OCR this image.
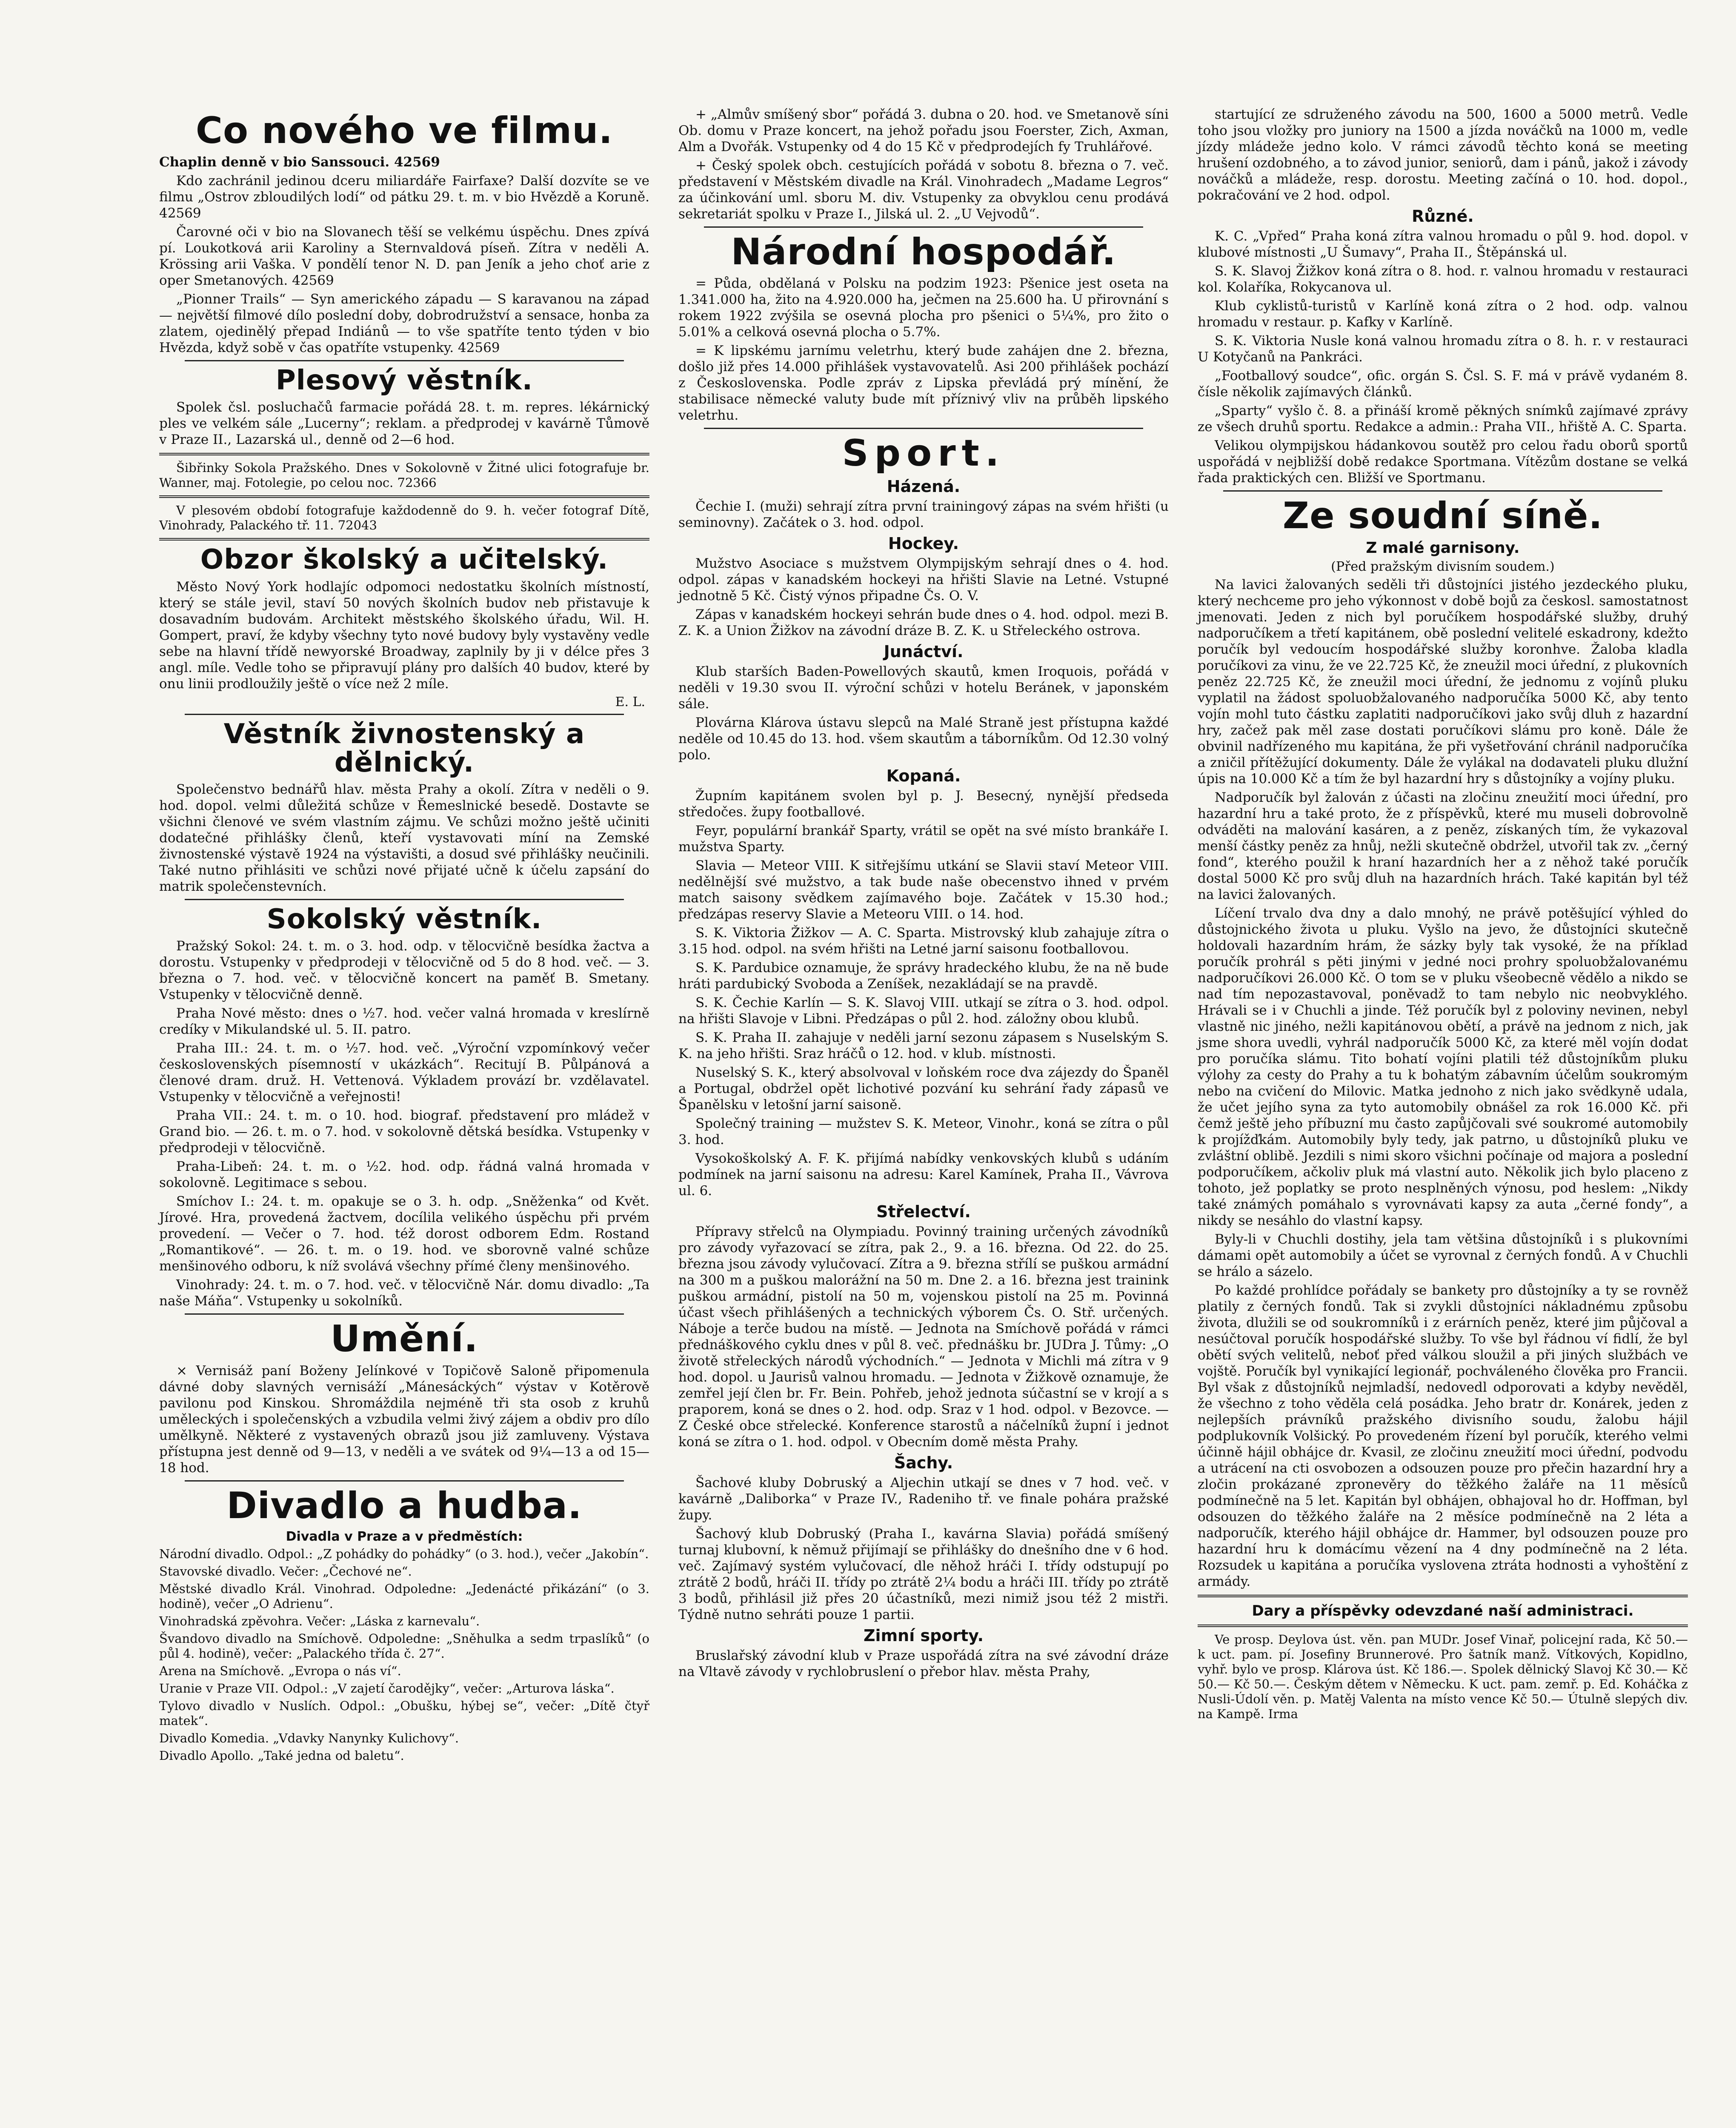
Co nového ve filmu.

Chaplin denně v bio Sanssouci. 42569

Kdo zachránil jedinou dceru miliardáře Fairfaxe? Další dozvíte se ve filmu „Ostrov zbloudilých lodí“ od pátku 29. t. m. v bio Hvězdě a Koruně. 42569

Čarovné oči v bio na Slovanech těší se velkému úspěchu. Dnes zpívá pí. Loukotková arii Karoliny a Sternvaldová píseň. Zítra v neděli A. Krössing arii Vaška. V pondělí tenor N. D. pan Jeník a jeho choť arie z oper Smetanových. 42569

„Pionner Trails“ — Syn amerického západu — S karavanou na západ — největší filmové dílo poslední doby, dobrodružství a sensace, honba za zlatem, ojedinělý přepad Indiánů — to vše spatříte tento týden v bio Hvězda, když sobě v čas opatříte vstupenky. 42569

Plesový věstník.

Spolek čsl. posluchačů farmacie pořádá 28. t. m. repres. lékárnický ples ve velkém sále „Lucerny“; reklam. a předprodej v kavárně Tůmově v Praze II., Lazarská ul., denně od 2—6 hod.

Šibřinky Sokola Pražského. Dnes v Sokolovně v Žitné ulici fotografuje br. Wanner, maj. Fotolegie, po celou noc. 72366

V plesovém období fotografuje každodenně do 9. h. večer fotograf Dítě, Vinohrady, Palackého tř. 11. 72043

Obzor školský a učitelský.

Město Nový York hodlajíc odpomoci nedostatku školních místností, který se stále jevil, staví 50 nových školních budov neb přistavuje k dosavadním budovám. Architekt městského školského úřadu, Wil. H. Gompert, praví, že kdyby všechny tyto nové budovy byly vystavěny vedle sebe na hlavní třídě newyorské Broadway, zaplnily by ji v délce přes 3 angl. míle. Vedle toho se připravují plány pro dalších 40 budov, které by onu linii prodloužily ještě o více než 2 míle.

E. L.
Věstník živnostenský a dělnický.

Společenstvo bednářů hlav. města Prahy a okolí. Zítra v neděli o 9. hod. dopol. velmi důležitá schůze v Řemeslnické besedě. Dostavte se všichni členové ve svém vlastním zájmu. Ve schůzi možno ještě učiniti dodatečné přihlášky členů, kteří vystavovati míní na Zemské živnostenské výstavě 1924 na výstavišti, a dosud své přihlášky neučinili. Také nutno přihlásiti ve schůzi nové přijaté učně k účelu zapsání do matrik společenstevních.

Sokolský věstník.

Pražský Sokol: 24. t. m. o 3. hod. odp. v tělocvičně besídka žactva a dorostu. Vstupenky v předprodeji v tělocvičně od 5 do 8 hod. več. — 3. března o 7. hod. več. v tělocvičně koncert na paměť B. Smetany. Vstupenky v tělocvičně denně.

Praha Nové město: dnes o ½7. hod. večer valná hromada v kreslírně credíky v Mikulandské ul. 5. II. patro.

Praha III.: 24. t. m. o ½7. hod. več. „Výroční vzpomínkový večer československých písemností v ukázkách“. Recitují B. Půlpánová a členové dram. druž. H. Vettenová. Výkladem provází br. vzdělavatel. Vstupenky v tělocvičně a veřejnosti!

Praha VII.: 24. t. m. o 10. hod. biograf. představení pro mládež v Grand bio. — 26. t. m. o 7. hod. v sokolovně dětská besídka. Vstupenky v předprodeji v tělocvičně.

Praha-Libeň: 24. t. m. o ½2. hod. odp. řádná valná hromada v sokolovně. Legitimace s sebou.

Smíchov I.: 24. t. m. opakuje se o 3. h. odp. „Sněženka“ od Květ. Jírové. Hra, provedená žactvem, docílila velikého úspěchu při prvém provedení. — Večer o 7. hod. též dorost odborem Edm. Rostand „Romantikové“. — 26. t. m. o 19. hod. ve sborovně valné schůze menšinového odboru, k níž svolává všechny přímé členy menšinového.

Vinohrady: 24. t. m. o 7. hod. več. v tělocvičně Nár. domu divadlo: „Ta naše Máňa“. Vstupenky u sokolníků.

Umění.

× Vernisáž paní Boženy Jelínkové v Topičově Saloně připomenula dávné doby slavných vernisáží „Mánesáckých“ výstav v Kotěrově pavilonu pod Kinskou. Shromáždila nejméně tři sta osob z kruhů uměleckých i společenských a vzbudila velmi živý zájem a obdiv pro dílo umělkyně. Některé z vystavených obrazů jsou již zamluveny. Výstava přístupna jest denně od 9—13, v neděli a ve svátek od 9¼—13 a od 15—18 hod.

Divadlo a hudba.
Divadla v Praze a v předměstích:

Národní divadlo. Odpol.: „Z pohádky do pohádky“ (o 3. hod.), večer „Jakobín“.

Stavovské divadlo. Večer: „Čechové ne“.

Městské divadlo Král. Vinohrad. Odpoledne: „Jedenácté přikázání“ (o 3. hodině), večer „O Adrienu“.

Vinohradská zpěvohra. Večer: „Láska z karnevalu“.

Švandovo divadlo na Smíchově. Odpoledne: „Sněhulka a sedm trpaslíků“ (o půl 4. hodině), večer: „Palackého třída č. 27“.

Arena na Smíchově. „Evropa o nás ví“.

Uranie v Praze VII. Odpol.: „V zajetí čarodějky“, večer: „Arturova láska“.

Tylovo divadlo v Nuslích. Odpol.: „Obušku, hýbej se“, večer: „Dítě čtyř matek“.

Divadlo Komedia. „Vdavky Nanynky Kulichovy“.

Divadlo Apollo. „Také jedna od baletu“.

+ „Almův smíšený sbor“ pořádá 3. dubna o 20. hod. ve Smetanově síni Ob. domu v Praze koncert, na jehož pořadu jsou Foerster, Zich, Axman, Alm a Dvořák. Vstupenky od 4 do 15 Kč v předprodejích fy Truhlářové.

+ Český spolek obch. cestujících pořádá v sobotu 8. března o 7. več. představení v Městském divadle na Král. Vinohradech „Madame Legros“ za účinkování uml. sboru M. div. Vstupenky za obvyklou cenu prodává sekretariát spolku v Praze I., Jilská ul. 2. „U Vejvodů“.

Národní hospodář.

= Půda, obdělaná v Polsku na podzim 1923: Pšenice jest oseta na 1.341.000 ha, žito na 4.920.000 ha, ječmen na 25.600 ha. U přirovnání s rokem 1922 zvýšila se osevná plocha pro pšenici o 5¼%, pro žito o 5.01% a celková osevná plocha o 5.7%.

= K lipskému jarnímu veletrhu, který bude zahájen dne 2. března, došlo již přes 14.000 přihlášek vystavovatelů. Asi 200 přihlášek pochází z Československa. Podle zpráv z Lipska převládá prý mínění, že stabilisace německé valuty bude mít příznivý vliv na průběh lipského veletrhu.

Sport.
Házená.

Čechie I. (muži) sehrají zítra první trainingový zápas na svém hřišti (u seminovny). Začátek o 3. hod. odpol.

Hockey.

Mužstvo Asociace s mužstvem Olympijským sehrají dnes o 4. hod. odpol. zápas v kanadském hockeyi na hřišti Slavie na Letné. Vstupné jednotně 5 Kč. Čistý výnos připadne Čs. O. V.

Zápas v kanadském hockeyi sehrán bude dnes o 4. hod. odpol. mezi B. Z. K. a Union Žižkov na závodní dráze B. Z. K. u Střeleckého ostrova.

Junáctví.

Klub starších Baden-Powellových skautů, kmen Iroquois, pořádá v neděli v 19.30 svou II. výroční schůzi v hotelu Beránek, v japonském sále.

Plovárna Klárova ústavu slepců na Malé Straně jest přístupna každé neděle od 10.45 do 13. hod. všem skautům a táborníkům. Od 12.30 volný polo.

Kopaná.

Župním kapitánem svolen byl p. J. Besecný, nynější předseda středočes. župy footballové.

Feyr, populární brankář Sparty, vrátil se opět na své místo brankáře I. mužstva Sparty.

Slavia — Meteor VIII. K sitřejšímu utkání se Slavii staví Meteor VIII. nedělnější své mužstvo, a tak bude naše obecenstvo ihned v prvém match saisony svědkem zajímavého boje. Začátek v 15.30 hod.; předzápas reservy Slavie a Meteoru VIII. o 14. hod.

S. K. Viktoria Žižkov — A. C. Sparta. Mistrovský klub zahajuje zítra o 3.15 hod. odpol. na svém hřišti na Letné jarní saisonu footballovou.

S. K. Pardubice oznamuje, že správy hradeckého klubu, že na ně bude hráti pardubický Svoboda a Zeníšek, nezakládají se na pravdě.

S. K. Čechie Karlín — S. K. Slavoj VIII. utkají se zítra o 3. hod. odpol. na hřišti Slavoje v Libni. Předzápas o půl 2. hod. záložny obou klubů.

S. K. Praha II. zahajuje v neděli jarní sezonu zápasem s Nuselským S. K. na jeho hřišti. Sraz hráčů o 12. hod. v klub. místnosti.

Nuselský S. K., který absolvoval v loňském roce dva zájezdy do Španěl a Portugal, obdržel opět lichotivé pozvání ku sehrání řady zápasů ve Španělsku v letošní jarní saisoně.

Společný training — mužstev S. K. Meteor, Vinohr., koná se zítra o půl 3. hod.

Vysokoškolský A. F. K. přijímá nabídky venkovských klubů s udáním podmínek na jarní saisonu na adresu: Karel Kamínek, Praha II., Vávrova ul. 6.

Střelectví.

Přípravy střelců na Olympiadu. Povinný training určených závodníků pro závody vyřazovací se zítra, pak 2., 9. a 16. března. Od 22. do 25. března jsou závody vylučovací. Zítra a 9. března střílí se puškou armádní na 300 m a puškou malorážní na 50 m. Dne 2. a 16. března jest trainink puškou armádní, pistolí na 50 m, vojenskou pistolí na 25 m. Povinná účast všech přihlášených a technických výborem Čs. O. Stř. určených. Náboje a terče budou na místě. — Jednota na Smíchově pořádá v rámci přednáškového cyklu dnes v půl 8. več. přednášku br. JUDra J. Tůmy: „O životě střeleckých národů východních.“ — Jednota v Michli má zítra v 9 hod. dopol. u Jaurisů valnou hromadu. — Jednota v Žižkově oznamuje, že zemřel její člen br. Fr. Bein. Pohřeb, jehož jednota súčastní se v krojí a s praporem, koná se dnes o 2. hod. odp. Sraz v 1 hod. odpol. v Bezovce. — Z České obce střelecké. Konference starostů a náčelníků župní i jednot koná se zítra o 1. hod. odpol. v Obecním domě města Prahy.

Šachy.

Šachové kluby Dobruský a Aljechin utkají se dnes v 7 hod. več. v kavárně „Daliborka“ v Praze IV., Radeniho tř. ve finale pohára pražské župy.

Šachový klub Dobruský (Praha I., kavárna Slavia) pořádá smíšený turnaj klubovní, k němuž přijímají se přihlášky do dnešního dne v 6 hod. več. Zajímavý systém vylučovací, dle něhož hráči I. třídy odstupují po ztrátě 2 bodů, hráči II. třídy po ztrátě 2¼ bodu a hráči III. třídy po ztrátě 3 bodů, přihlásil již přes 20 účastníků, mezi nimiž jsou též 2 mistři. Týdně nutno sehráti pouze 1 partii.

Zimní sporty.

Bruslařský závodní klub v Praze uspořádá zítra na své závodní dráze na Vltavě závody v rychlobruslení o přebor hlav. města Prahy,

startující ze sdruženého závodu na 500, 1600 a 5000 metrů. Vedle toho jsou vložky pro juniory na 1500 a jízda nováčků na 1000 m, vedle jízdy mládeže jedno kolo. V rámci závodů těchto koná se meeting hrušení ozdobného, a to závod junior, seniorů, dam i pánů, jakož i závody nováčků a mládeže, resp. dorostu. Meeting začíná o 10. hod. dopol., pokračování ve 2 hod. odpol.

Různé.

K. C. „Vpřed“ Praha koná zítra valnou hromadu o půl 9. hod. dopol. v klubové místnosti „U Šumavy“, Praha II., Štěpánská ul.

S. K. Slavoj Žižkov koná zítra o 8. hod. r. valnou hromadu v restauraci kol. Kolaříka, Rokycanova ul.

Klub cyklistů-turistů v Karlíně koná zítra o 2 hod. odp. valnou hromadu v restaur. p. Kafky v Karlíně.

S. K. Viktoria Nusle koná valnou hromadu zítra o 8. h. r. v restauraci U Kotyčanů na Pankráci.

„Footballový soudce“, ofic. orgán S. Čsl. S. F. má v právě vydaném 8. čísle několik zajímavých článků.

„Sparty“ vyšlo č. 8. a přináší kromě pěkných snímků zajímavé zprávy ze všech druhů sportu. Redakce a admin.: Praha VII., hřiště A. C. Sparta.

Velikou olympijskou hádankovou soutěž pro celou řadu oborů sportů uspořádá v nejbližší době redakce Sportmana. Vítězům dostane se velká řada praktických cen. Bližší ve Sportmanu.

Ze soudní síně.
Z malé garnisony.
(Před pražským divisním soudem.)

Na lavici žalovaných seděli tři důstojníci jistého jezdeckého pluku, který nechceme pro jeho výkonnost v době bojů za českosl. samostatnost jmenovati. Jeden z nich byl poručíkem hospodářské služby, druhý nadporučíkem a třetí kapitánem, obě poslední velitelé eskadrony, kdežto poručík byl vedoucím hospodářské služby koronhve. Žaloba kladla poručíkovi za vinu, že ve 22.725 Kč, že zneužil moci úřední, z plukovních peněz 22.725 Kč, že zneužil moci úřední, že jednomu z vojínů pluku vyplatil na žádost spoluobžalovaného nadporučíka 5000 Kč, aby tento vojín mohl tuto částku zaplatiti nadporučíkovi jako svůj dluh z hazardní hry, začež pak měl zase dostati poručíkovi slámu pro koně. Dále že obvinil nadřízeného mu kapitána, že při vyšetřování chránil nadporučíka a zničil přítěžující dokumenty. Dále že vylákal na dodavateli pluku dlužní úpis na 10.000 Kč a tím že byl hazardní hry s důstojníky a vojíny pluku.

Nadporučík byl žalován z účasti na zločinu zneužití moci úřední, pro hazardní hru a také proto, že z příspěvků, které mu museli dobrovolně odváděti na malování kasáren, a z peněz, získaných tím, že vykazoval menší částky peněz za hnůj, nežli skutečně obdržel, utvořil tak zv. „černý fond“, kterého použil k hraní hazardních her a z něhož také poručík dostal 5000 Kč pro svůj dluh na hazardních hrách. Také kapitán byl též na lavici žalovaných.

Líčení trvalo dva dny a dalo mnohý, ne právě potěšující výhled do důstojnického života u pluku. Vyšlo na jevo, že důstojníci skutečně holdovali hazardním hrám, že sázky byly tak vysoké, že na příklad poručík prohrál s pěti jinými v jedné noci prohry spoluobžalovanému nadporučíkovi 26.000 Kč. O tom se v pluku všeobecně vědělo a nikdo se nad tím nepozastavoval, poněvadž to tam nebylo nic neobvyklého. Hrávali se i v Chuchli a jinde. Též poručík byl z poloviny nevinen, nebyl vlastně nic jiného, nežli kapitánovou obětí, a právě na jednom z nich, jak jsme shora uvedli, vyhrál nadporučík 5000 Kč, za které měl vojín dodat pro poručíka slámu. Tito bohatí vojíni platili též důstojníkům pluku výlohy za cesty do Prahy a tu k bohatým zábavním účelům soukromým nebo na cvičení do Milovic. Matka jednoho z nich jako svědkyně udala, že učet jejího syna za tyto automobily obnášel za rok 16.000 Kč. při čemž ještě jeho příbuzní mu často zapůjčovali své soukromé automobily k projížďkám. Automobily byly tedy, jak patrno, u důstojníků pluku ve zvláštní oblibě. Jezdili s nimi skoro všichni počínaje od majora a poslední podporučíkem, ačkoliv pluk má vlastní auto. Několik jich bylo placeno z tohoto, jež poplatky se proto nesplněných výnosu, pod heslem: „Nikdy také známých pomáhalo s vyrovnávati kapsy za auta „černé fondy“, a nikdy se nesáhlo do vlastní kapsy.

Byly-li v Chuchli dostihy, jela tam většina důstojníků i s plukovními dámami opět automobily a účet se vyrovnal z černých fondů. A v Chuchli se hrálo a sázelo.

Po každé prohlídce pořádaly se bankety pro důstojníky a ty se rovněž platily z černých fondů. Tak si zvykli důstojníci nákladnému způsobu života, dlužili se od soukromníků i z erárních peněz, které jim půjčoval a nesúčtoval poručík hospodářské služby. To vše byl řádnou ví fidlí, že byl obětí svých velitelů, neboť před válkou sloužil a při jiných službách ve vojště. Poručík byl vynikající legionář, pochváleného člověka pro Francii. Byl však z důstojníků nejmladší, nedovedl odporovati a kdyby nevěděl, že všechno z toho věděla celá posádka. Jeho bratr dr. Konárek, jeden z nejlepších právníků pražského divisního soudu, žalobu hájil podplukovník Volšický. Po provedeném řízení byl poručík, kterého velmi účinně hájil obhájce dr. Kvasil, ze zločinu zneužití moci úřední, podvodu a utrácení na cti osvobozen a odsouzen pouze pro přečin hazardní hry a zločin prokázané zpronevěry do těžkého žaláře na 11 měsíců podmínečně na 5 let. Kapitán byl obhájen, obhajoval ho dr. Hoffman, byl odsouzen do těžkého žaláře na 2 měsíce podmínečně na 2 léta a nadporučík, kterého hájil obhájce dr. Hammer, byl odsouzen pouze pro hazardní hru k domácímu vězení na 4 dny podmínečně na 2 léta. Rozsudek u kapitána a poručíka vyslovena ztráta hodnosti a vyhoštění z armády.

Dary a příspěvky odevzdané naší administraci.

Ve prosp. Deylova úst. věn. pan MUDr. Josef Vinař, policejní rada, Kč 50.— k uct. pam. pí. Josefiny Brunnerové. Pro šatník manž. Vítkových, Kopidlno, vyhř. bylo ve prosp. Klárova úst. Kč 186.—. Spolek dělnický Slavoj Kč 30.— Kč 50.— Kč 50.—. Českým dětem v Německu. K uct. pam. zemř. p. Ed. Koháčka z Nusli-Údolí věn. p. Matěj Valenta na místo vence Kč 50.— Útulně slepých div. na Kampě. Irma
